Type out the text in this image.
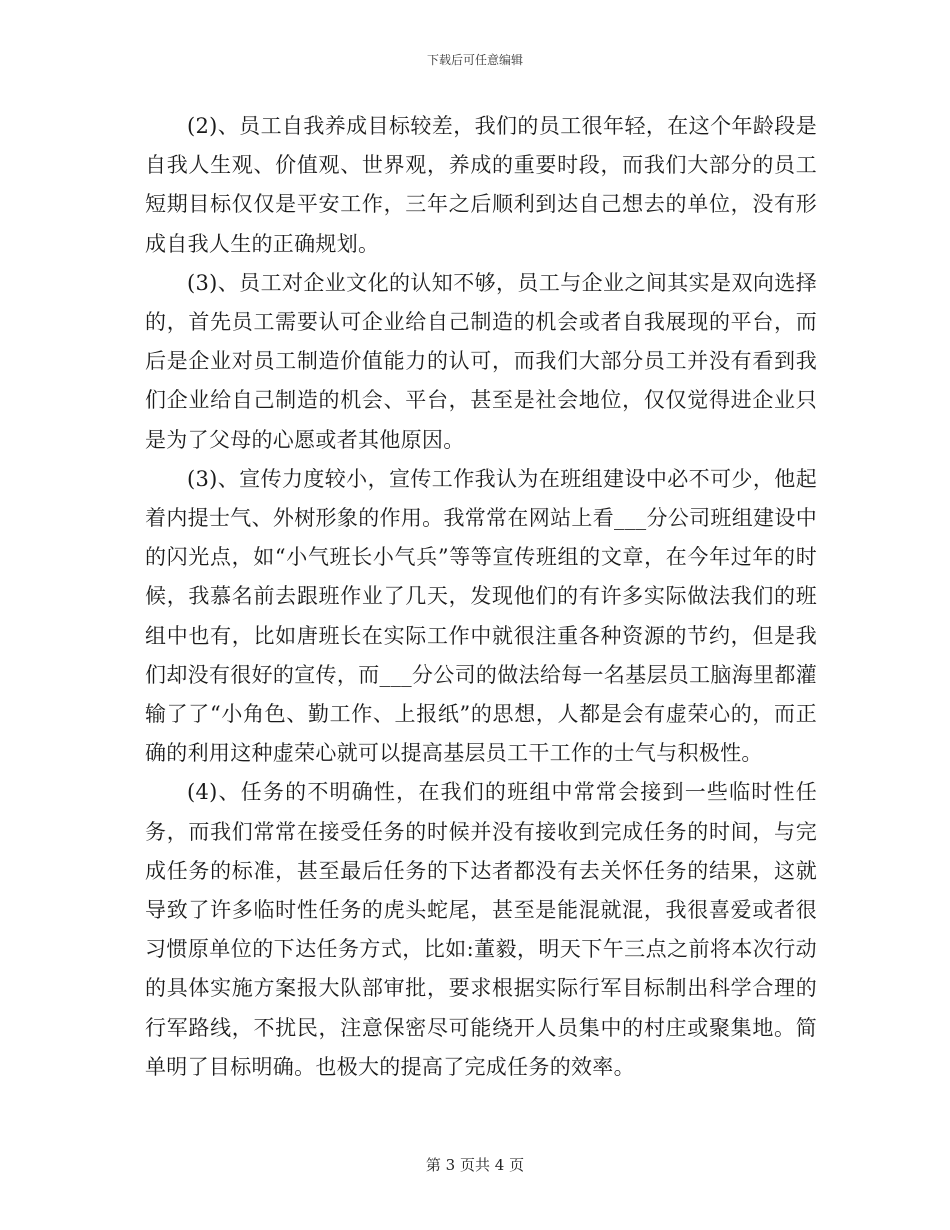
下载后可任意编辑

(2)、员工自我养成目标较差，我们的员工很年轻，在这个年龄段是自我人生观、价值观、世界观，养成的重要时段，而我们大部分的员工短期目标仅仅是平安工作，三年之后顺利到达自己想去的单位，没有形成自我人生的正确规划。

(3)、员工对企业文化的认知不够，员工与企业之间其实是双向选择的，首先员工需要认可企业给自己制造的机会或者自我展现的平台，而后是企业对员工制造价值能力的认可，而我们大部分员工并没有看到我们企业给自己制造的机会、平台，甚至是社会地位，仅仅觉得进企业只是为了父母的心愿或者其他原因。

(3)、宣传力度较小，宣传工作我认为在班组建设中必不可少，他起着内提士气、外树形象的作用。我常常在网站上看___分公司班组建设中的闪光点，如“小气班长小气兵”等等宣传班组的文章，在今年过年的时候，我慕名前去跟班作业了几天，发现他们的有许多实际做法我们的班组中也有，比如唐班长在实际工作中就很注重各种资源的节约，但是我们却没有很好的宣传，而___分公司的做法给每一名基层员工脑海里都灌输了了“小角色、勤工作、上报纸”的思想，人都是会有虚荣心的，而正确的利用这种虚荣心就可以提高基层员工干工作的士气与积极性。

(4)、任务的不明确性，在我们的班组中常常会接到一些临时性任务，而我们常常在接受任务的时候并没有接收到完成任务的时间，与完成任务的标准，甚至最后任务的下达者都没有去关怀任务的结果，这就导致了许多临时性任务的虎头蛇尾，甚至是能混就混，我很喜爱或者很习惯原单位的下达任务方式，比如:董毅，明天下午三点之前将本次行动的具体实施方案报大队部审批，要求根据实际行军目标制出科学合理的行军路线，不扰民，注意保密尽可能绕开人员集中的村庄或聚集地。简单明了目标明确。也极大的提高了完成任务的效率。

第 3 页共 4 页
